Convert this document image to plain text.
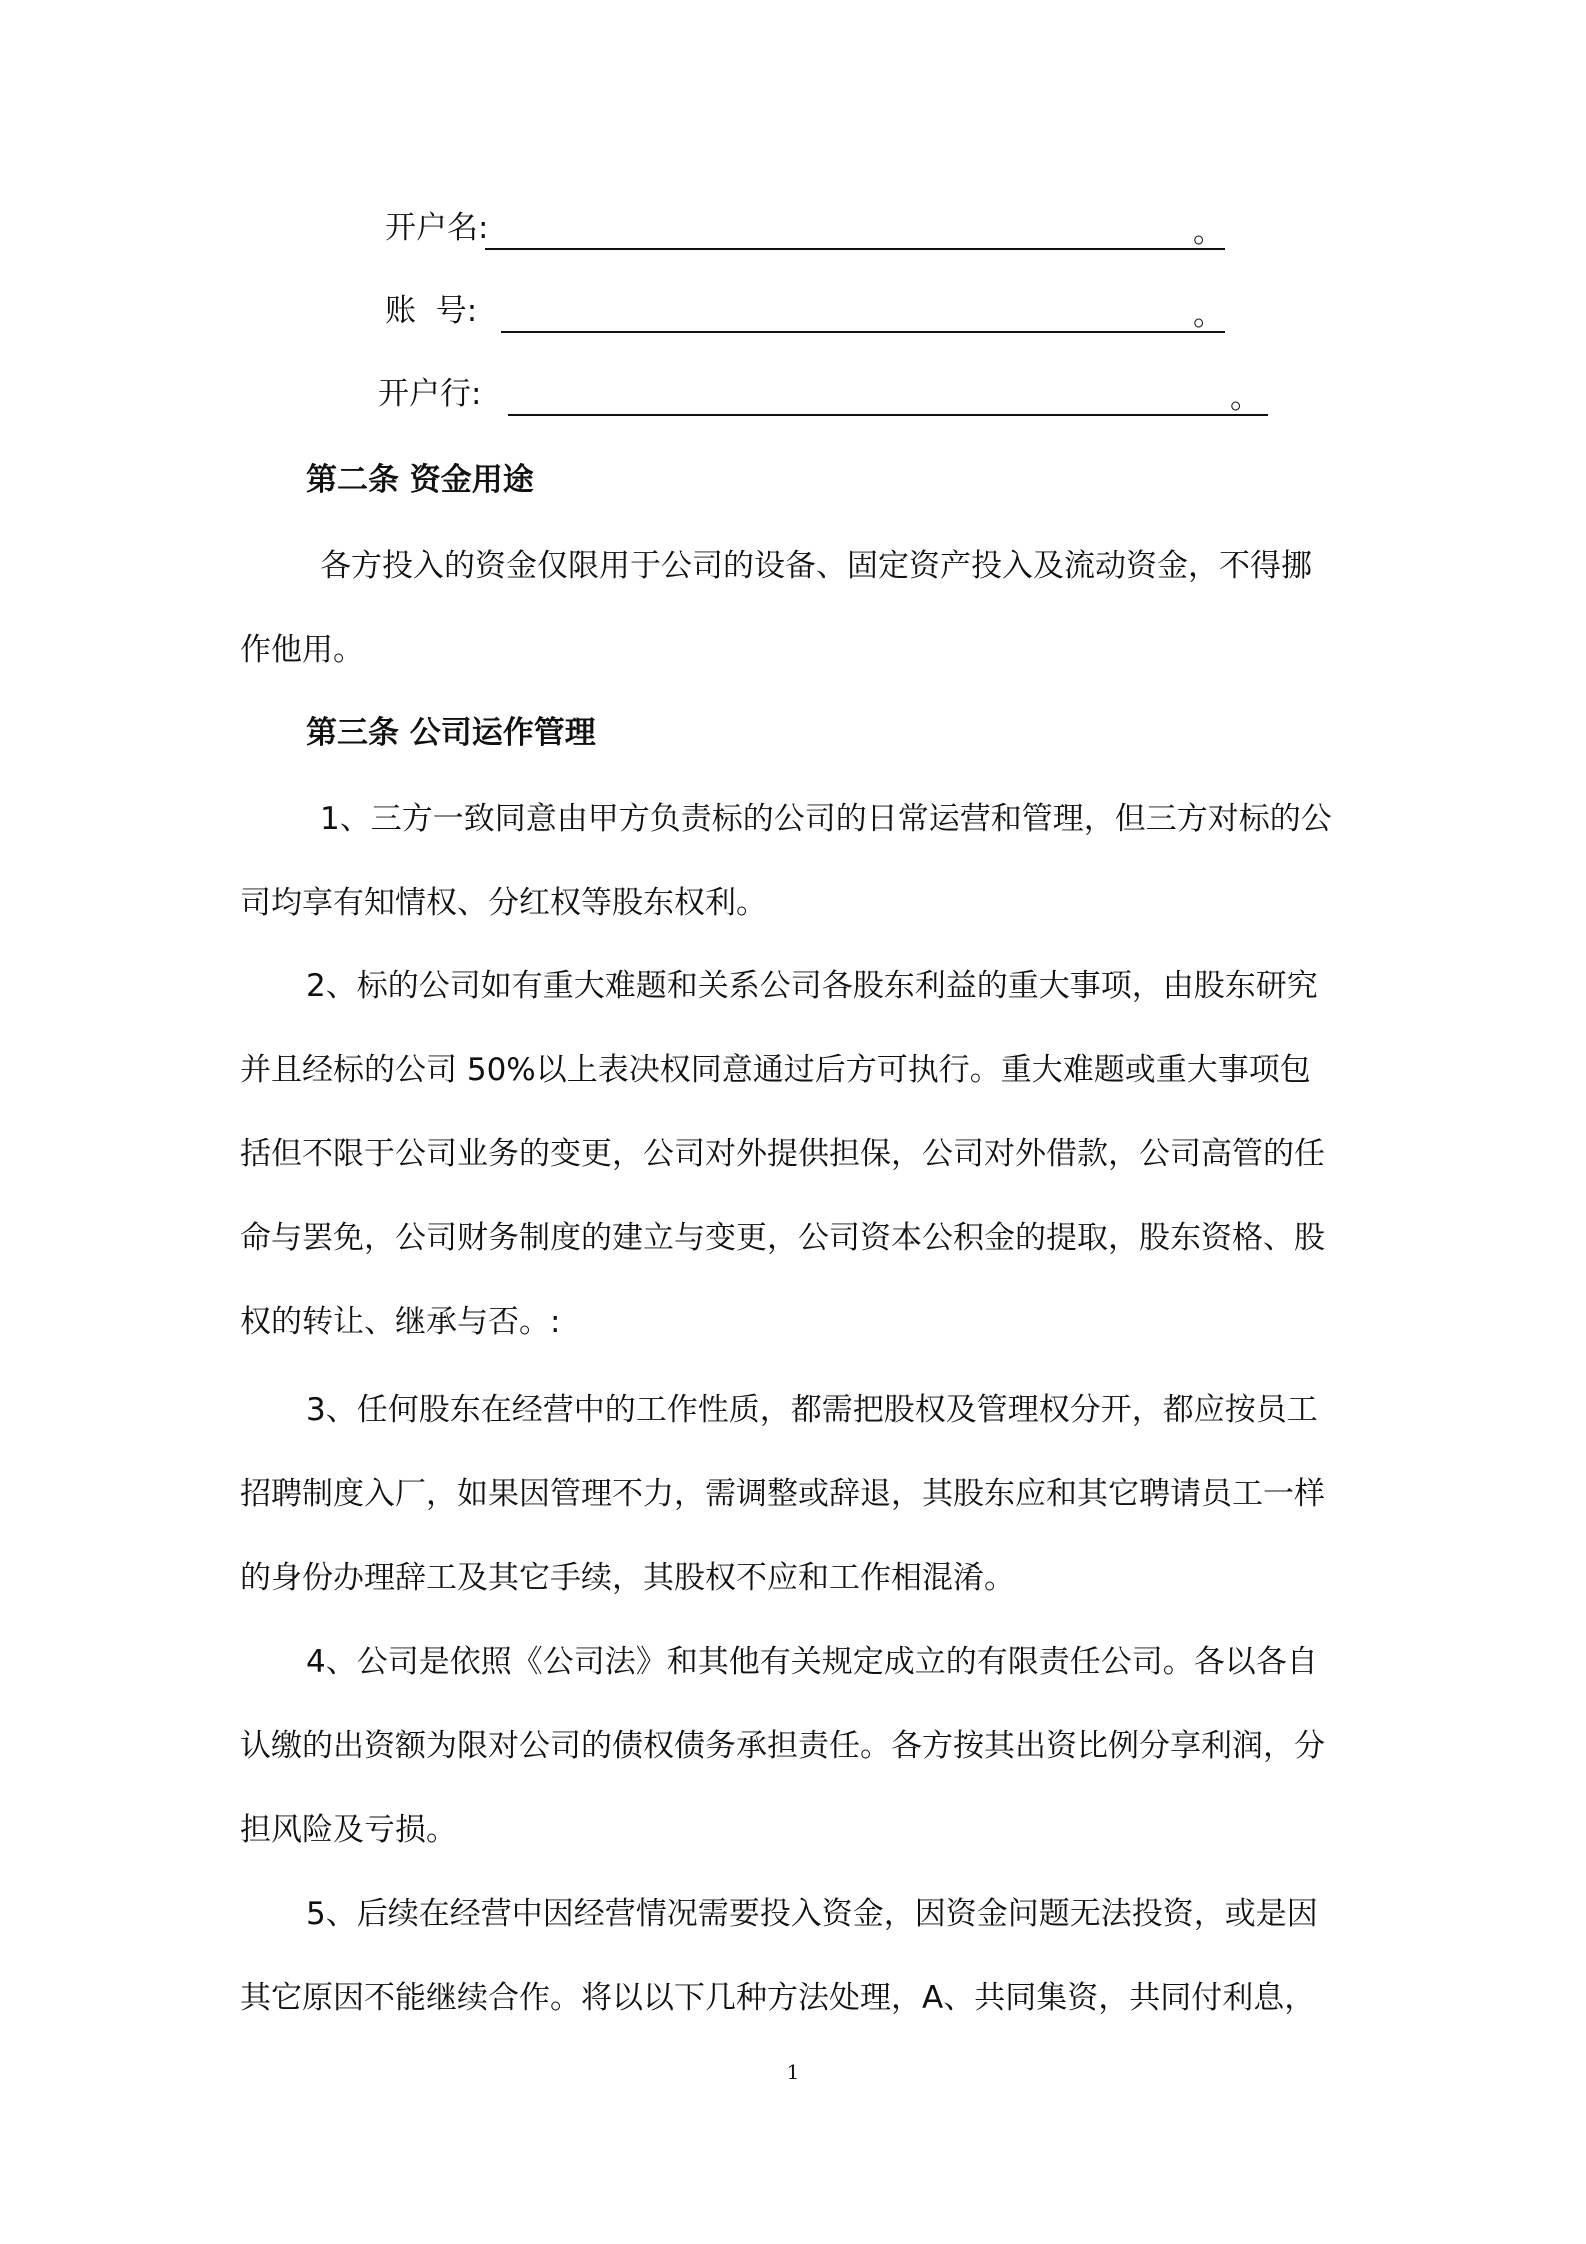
开户名:	。
账  号:	。
开户行:	。
第二条 资金用途
各方投入的资金仅限用于公司的设备、固定资产投入及流动资金，不得挪
作他用。
第三条 公司运作管理
1、三方一致同意由甲方负责标的公司的日常运营和管理，但三方对标的公
司均享有知情权、分红权等股东权利。
2、标的公司如有重大难题和关系公司各股东利益的重大事项，由股东研究
并且经标的公司 50%以上表决权同意通过后方可执行。重大难题或重大事项包
括但不限于公司业务的变更，公司对外提供担保，公司对外借款，公司高管的任
命与罢免，公司财务制度的建立与变更，公司资本公积金的提取，股东资格、股
权的转让、继承与否。:
3、任何股东在经营中的工作性质，都需把股权及管理权分开，都应按员工
招聘制度入厂，如果因管理不力，需调整或辞退，其股东应和其它聘请员工一样
的身份办理辞工及其它手续，其股权不应和工作相混淆。
4、公司是依照《公司法》和其他有关规定成立的有限责任公司。各以各自
认缴的出资额为限对公司的债权债务承担责任。各方按其出资比例分享利润，分
担风险及亏损。
5、后续在经营中因经营情况需要投入资金，因资金问题无法投资，或是因
其它原因不能继续合作。将以以下几种方法处理，A、共同集资，共同付利息，
1
